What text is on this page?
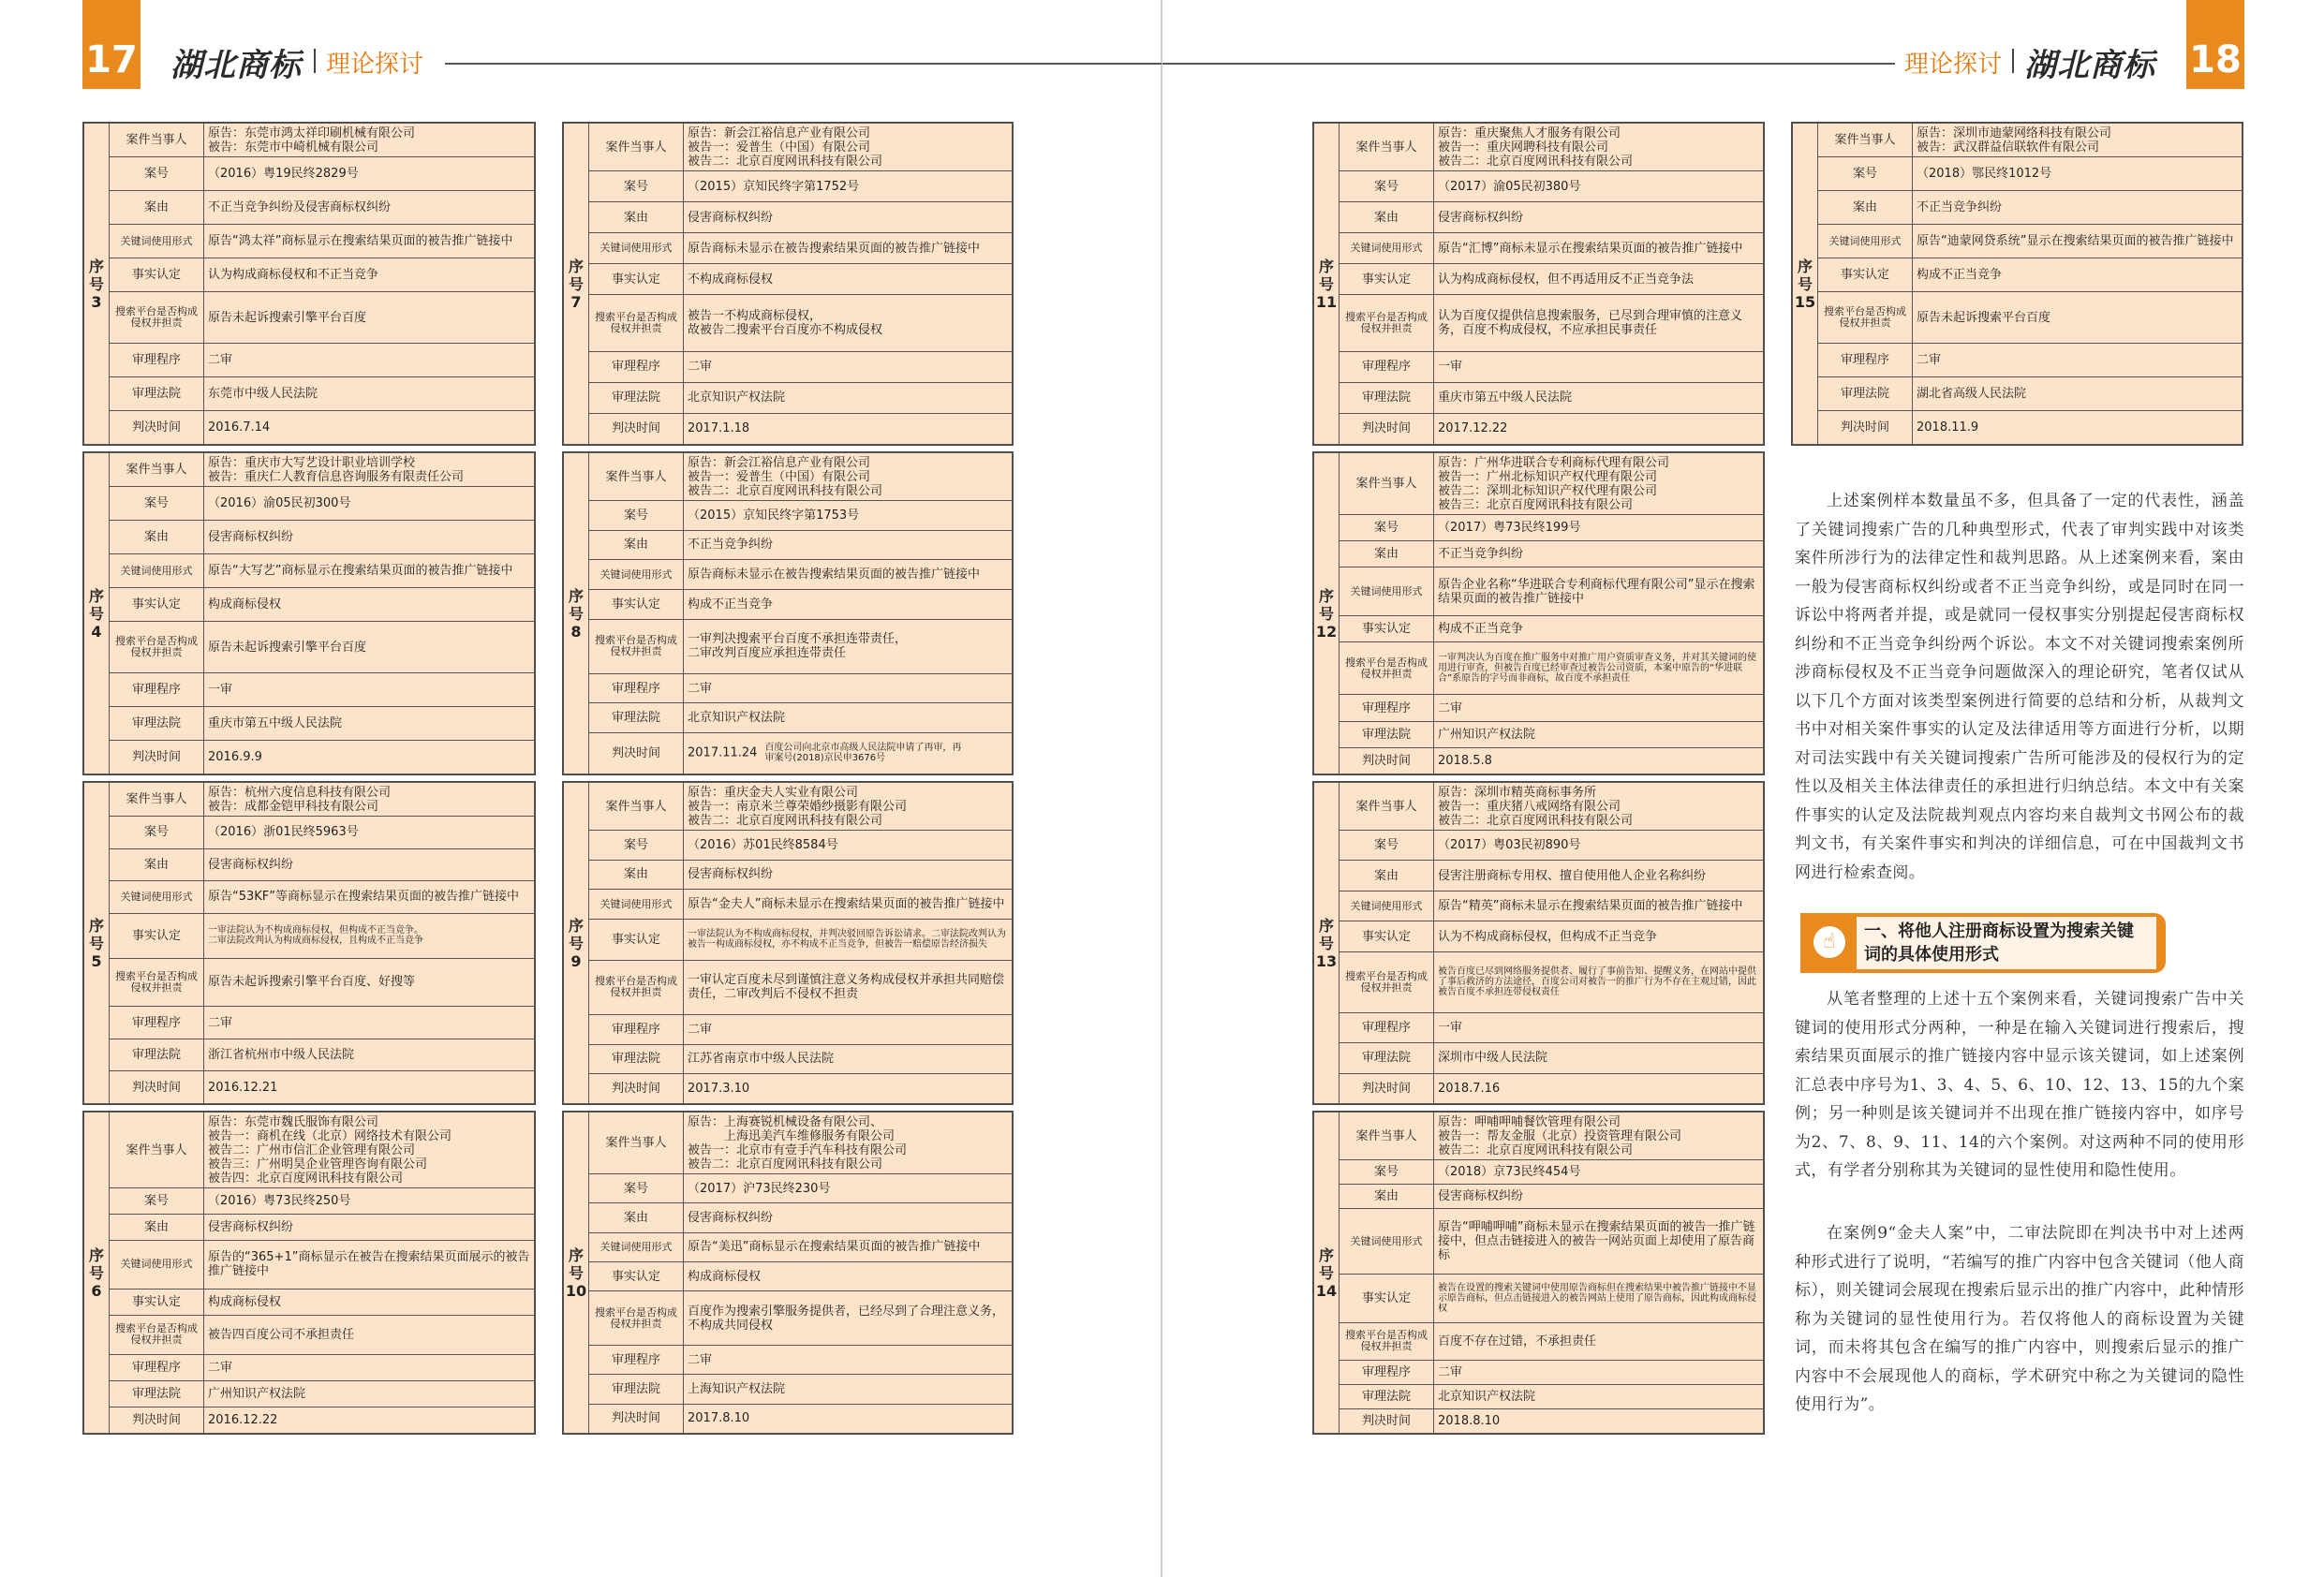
17 湖北商标 理论探讨	理论探讨 湖北商标 18
序
号
3	案件当事人	原告：东莞市鸿太祥印刷机械有限公司
被告：东莞市中崎机械有限公司
	案号	（2016）粤19民终2829号
	案由	不正当竞争纠纷及侵害商标权纠纷
	关键词使用形式	原告“鸿太祥”商标显示在搜索结果页面的被告推广链接中
	事实认定	认为构成商标侵权和不正当竞争
	搜索平台是否构成侵权并担责	原告未起诉搜索引擎平台百度
	审理程序	二审
	审理法院	东莞市中级人民法院
	判决时间	2016.7.14
序
号
4	案件当事人	原告：重庆市大写艺设计职业培训学校
被告：重庆仁人教育信息咨询服务有限责任公司
	案号	（2016）渝05民初300号
	案由	侵害商标权纠纷
	关键词使用形式	原告“大写艺”商标显示在搜索结果页面的被告推广链接中
	事实认定	构成商标侵权
	搜索平台是否构成侵权并担责	原告未起诉搜索引擎平台百度
	审理程序	一审
	审理法院	重庆市第五中级人民法院
	判决时间	2016.9.9
序
号
5	案件当事人	原告：杭州六度信息科技有限公司
被告：成都金铠甲科技有限公司
	案号	（2016）浙01民终5963号
	案由	侵害商标权纠纷
	关键词使用形式	原告“53KF”等商标显示在搜索结果页面的被告推广链接中
	事实认定	一审法院认为不构成商标侵权，但构成不正当竞争。
二审法院改判认为构成商标侵权，且构成不正当竞争
	搜索平台是否构成侵权并担责	原告未起诉搜索引擎平台百度、好搜等
	审理程序	二审
	审理法院	浙江省杭州市中级人民法院
	判决时间	2016.12.21
序
号
6	案件当事人	原告：东莞市魏氏服饰有限公司
被告一：商机在线（北京）网络技术有限公司
被告二：广州市信汇企业管理有限公司
被告三：广州明昊企业管理咨询有限公司
被告四：北京百度网讯科技有限公司
	案号	（2016）粤73民终250号
	案由	侵害商标权纠纷
	关键词使用形式	原告的“365+1”商标显示在被告在搜索结果页面展示的被告推广链接中
	事实认定	构成商标侵权
	搜索平台是否构成侵权并担责	被告四百度公司不承担责任
	审理程序	二审
	审理法院	广州知识产权法院
	判决时间	2016.12.22
序
号
7	案件当事人	原告：新会江裕信息产业有限公司
被告一：爱普生（中国）有限公司
被告二：北京百度网讯科技有限公司
	案号	（2015）京知民终字第1752号
	案由	侵害商标权纠纷
	关键词使用形式	原告商标未显示在被告搜索结果页面的被告推广链接中
	事实认定	不构成商标侵权
	搜索平台是否构成侵权并担责	被告一不构成商标侵权，
故被告二搜索平台百度亦不构成侵权
	审理程序	二审
	审理法院	北京知识产权法院
	判决时间	2017.1.18
序
号
8	案件当事人	原告：新会江裕信息产业有限公司
被告一：爱普生（中国）有限公司
被告二：北京百度网讯科技有限公司
	案号	（2015）京知民终字第1753号
	案由	不正当竞争纠纷
	关键词使用形式	原告商标未显示在被告搜索结果页面的被告推广链接中
	事实认定	构成不正当竞争
	搜索平台是否构成侵权并担责	一审判决搜索平台百度不承担连带责任，
二审改判百度应承担连带责任
	审理程序	二审
	审理法院	北京知识产权法院
	判决时间	2017.11.24 百度公司向北京市高级人民法院申请了再审，再审案号(2018)京民申3676号
序
号
9	案件当事人	原告：重庆金夫人实业有限公司
被告一：南京米兰尊荣婚纱摄影有限公司
被告二：北京百度网讯科技有限公司
	案号	（2016）苏01民终8584号
	案由	侵害商标权纠纷
	关键词使用形式	原告“金夫人”商标未显示在搜索结果页面的被告推广链接中
	事实认定	一审法院认为不构成商标侵权，并判决驳回原告诉讼请求。二审法院改判认为被告一构成商标侵权，亦不构成不正当竞争，但被告一赔偿原告经济损失
	搜索平台是否构成侵权并担责	一审认定百度未尽到谨慎注意义务构成侵权并承担共同赔偿责任，二审改判后不侵权不担责
	审理程序	二审
	审理法院	江苏省南京市中级人民法院
	判决时间	2017.3.10
序
号
10	案件当事人	原告：上海赛锐机械设备有限公司、
　　　上海迅美汽车维修服务有限公司
被告一：北京市有壹手汽车科技有限公司
被告二：北京百度网讯科技有限公司
	案号	（2017）沪73民终230号
	案由	侵害商标权纠纷
	关键词使用形式	原告“美迅”商标显示在搜索结果页面的被告推广链接中
	事实认定	构成商标侵权
	搜索平台是否构成侵权并担责	百度作为搜索引擎服务提供者，已经尽到了合理注意义务，不构成共同侵权
	审理程序	二审
	审理法院	上海知识产权法院
	判决时间	2017.8.10
序
号
11	案件当事人	原告：重庆聚焦人才服务有限公司
被告一：重庆网聘科技有限公司
被告二：北京百度网讯科技有限公司
	案号	（2017）渝05民初380号
	案由	侵害商标权纠纷
	关键词使用形式	原告“汇博”商标未显示在搜索结果页面的被告推广链接中
	事实认定	认为构成商标侵权，但不再适用反不正当竞争法
	搜索平台是否构成侵权并担责	认为百度仅提供信息搜索服务，已尽到合理审慎的注意义务，百度不构成侵权，不应承担民事责任
	审理程序	一审
	审理法院	重庆市第五中级人民法院
	判决时间	2017.12.22
序
号
12	案件当事人	原告：广州华进联合专利商标代理有限公司
被告一：广州北标知识产权代理有限公司
被告二：深圳北标知识产权代理有限公司
被告三：北京百度网讯科技有限公司
	案号	（2017）粤73民终199号
	案由	不正当竞争纠纷
	关键词使用形式	原告企业名称“华进联合专利商标代理有限公司”显示在搜索结果页面的被告推广链接中
	事实认定	构成不正当竞争
	搜索平台是否构成侵权并担责	一审判决认为百度在推广服务中对推广用户资质审查义务，并对其关键词的使用进行审查，但被告百度已经审查过被告公司资质，本案中原告的“华进联合”系原告的字号而非商标，故百度不承担责任
	审理程序	二审
	审理法院	广州知识产权法院
	判决时间	2018.5.8
序
号
13	案件当事人	原告：深圳市精英商标事务所
被告一：重庆猪八戒网络有限公司
被告二：北京百度网讯科技有限公司
	案号	（2017）粤03民初890号
	案由	侵害注册商标专用权、擅自使用他人企业名称纠纷
	关键词使用形式	原告“精英”商标未显示在搜索结果页面的被告推广链接中
	事实认定	认为不构成商标侵权，但构成不正当竞争
	搜索平台是否构成侵权并担责	被告百度已尽到网络服务提供者、履行了事前告知、提醒义务，在网站中提供了事后救济的方法途径，百度公司对被告一的推广行为不存在主观过错，因此被告百度不承担连带侵权责任
	审理程序	一审
	审理法院	深圳市中级人民法院
	判决时间	2018.7.16
序
号
14	案件当事人	原告：呷哺呷哺餐饮管理有限公司
被告一：帮友金服（北京）投资管理有限公司
被告二：北京百度网讯科技有限公司
	案号	（2018）京73民终454号
	案由	侵害商标权纠纷
	关键词使用形式	原告“呷哺呷哺”商标未显示在搜索结果页面的被告一推广链接中，但点击链接进入的被告一网站页面上却使用了原告商标
	事实认定	被告在设置的搜索关键词中使用原告商标但在搜索结果中被告推广链接中不显示原告商标，但点击链接进入的被告网站上使用了原告商标，因此构成商标侵权
	搜索平台是否构成侵权并担责	百度不存在过错，不承担责任
	审理程序	二审
	审理法院	北京知识产权法院
	判决时间	2018.8.10
序
号
15	案件当事人	原告：深圳市迪蒙网络科技有限公司
被告：武汉群益信联软件有限公司
	案号	（2018）鄂民终1012号
	案由	不正当竞争纠纷
	关键词使用形式	原告“迪蒙网贷系统”显示在搜索结果页面的被告推广链接中
	事实认定	构成不正当竞争
	搜索平台是否构成侵权并担责	原告未起诉搜索平台百度
	审理程序	二审
	审理法院	湖北省高级人民法院
	判决时间	2018.11.9
上述案例样本数量虽不多，但具备了一定的代表性，涵盖了关键词搜索广告的几种典型形式，代表了审判实践中对该类案件所涉行为的法律定性和裁判思路。从上述案例来看，案由一般为侵害商标权纠纷或者不正当竞争纠纷，或是同时在同一诉讼中将两者并提，或是就同一侵权事实分别提起侵害商标权纠纷和不正当竞争纠纷两个诉讼。本文不对关键词搜索案例所涉商标侵权及不正当竞争问题做深入的理论研究，笔者仅试从以下几个方面对该类型案例进行简要的总结和分析，从裁判文书中对相关案件事实的认定及法律适用等方面进行分析，以期对司法实践中有关关键词搜索广告所可能涉及的侵权行为的定性以及相关主体法律责任的承担进行归纳总结。本文中有关案件事实的认定及法院裁判观点内容均来自裁判文书网公布的裁判文书，有关案件事实和判决的详细信息，可在中国裁判文书网进行检索查阅。
☝	一、将他人注册商标设置为搜索关键词的具体使用形式
从笔者整理的上述十五个案例来看，关键词搜索广告中关键词的使用形式分两种，一种是在输入关键词进行搜索后，搜索结果页面展示的推广链接内容中显示该关键词，如上述案例汇总表中序号为1、3、4、5、6、10、12、13、15的九个案例；另一种则是该关键词并不出现在推广链接内容中，如序号为2、7、8、9、11、14的六个案例。对这两种不同的使用形式，有学者分别称其为关键词的显性使用和隐性使用。
在案例9“金夫人案”中，二审法院即在判决书中对上述两种形式进行了说明，“若编写的推广内容中包含关键词（他人商标），则关键词会展现在搜索后显示出的推广内容中，此种情形称为关键词的显性使用行为。若仅将他人的商标设置为关键词，而未将其包含在编写的推广内容中，则搜索后显示的推广内容中不会展现他人的商标，学术研究中称之为关键词的隐性使用行为”。
